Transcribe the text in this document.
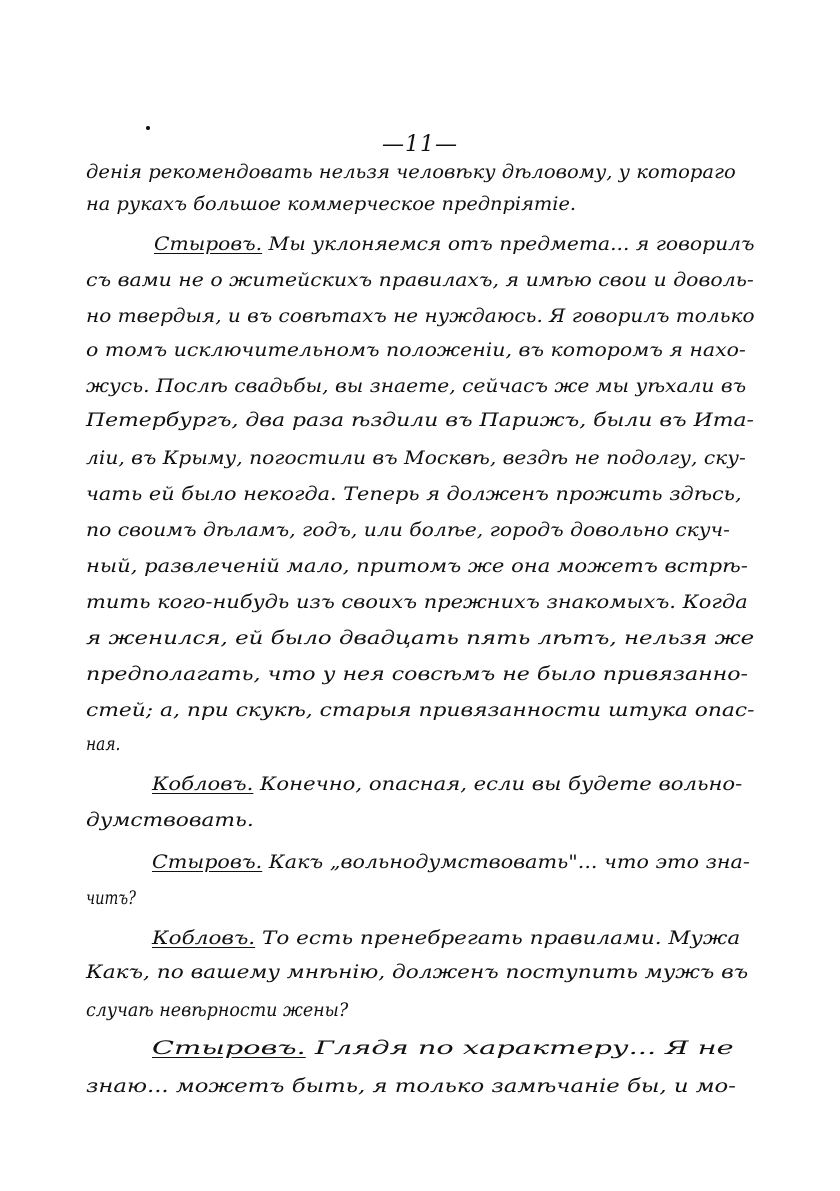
—11—
денія рекомендовать нельзя человѣку дѣловому, у котораго
на рукахъ большое коммерческое предпріятіе.
Стыровъ. Мы уклоняемся отъ предмета... я говорилъ
съ вами не о житейскихъ правилахъ, я имѣю свои и доволь-
но твердыя, и въ совѣтахъ не нуждаюсь. Я говорилъ только
о томъ исключительномъ положеніи, въ которомъ я нахо-
жусь. Послѣ свадьбы, вы знаете, сейчасъ же мы уѣхали въ
Петербургъ, два раза ѣздили въ Парижъ, были въ Ита-
ліи, въ Крыму, погостили въ Москвѣ, вездѣ не подолгу, ску-
чать ей было некогда. Теперь я долженъ прожить здѣсь,
по своимъ дѣламъ, годъ, или болѣе, городъ довольно скуч-
ный, развлеченій мало, притомъ же она можетъ встрѣ-
тить кого-нибудь изъ своихъ прежнихъ знакомыхъ. Когда
я женился, ей было двадцать пять лѣтъ, нельзя же
предполагать, что у нея совсѣмъ не было привязанно-
стей; а, при скукѣ, старыя привязанности штука опас-
ная.
Кобловъ. Конечно, опасная, если вы будете вольно-
думствовать.
Стыровъ. Какъ „вольнодумствовать"... что это зна-
читъ?
Кобловъ. То есть пренебрегать правилами. Мужа
Какъ, по вашему мнѣнію, долженъ поступить мужъ въ
случаѣ невѣрности жены?
Стыровъ. Глядя по характеру... Я не
знаю... можетъ быть, я только замѣчаніе бы, и мо-
